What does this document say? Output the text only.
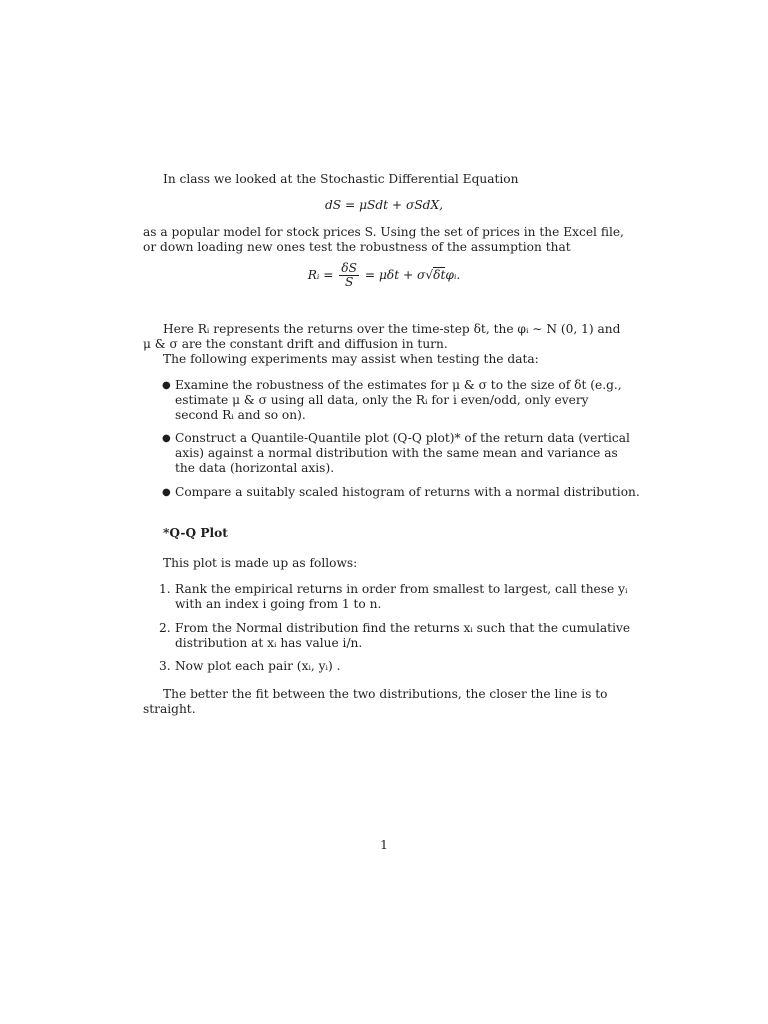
In class we looked at the Stochastic Differential Equation
dS = μSdt + σSdX,
as a popular model for stock prices S. Using the set of prices in the Excel file,
or down loading new ones test the robustness of the assumption that
Rᵢ = $\frac{\delta S}{S} = \mu\delta t$ + σ√δtφᵢ.
Here Rᵢ represents the returns over the time-step δt, the φᵢ ∼ N (0, 1) and
μ & σ are the constant drift and diffusion in turn.
The following experiments may assist when testing the data:
● Examine the robustness of the estimates for μ & σ to the size of δt (e.g.,
estimate μ & σ using all data, only the Rᵢ for i even/odd, only every
second Rᵢ and so on).
● Construct a Quantile-Quantile plot (Q-Q plot)* of the return data (vertical
axis) against a normal distribution with the same mean and variance as
the data (horizontal axis).
● Compare a suitably scaled histogram of returns with a normal distribution.
*Q-Q Plot
This plot is made up as follows:
1. Rank the empirical returns in order from smallest to largest, call these yᵢ
with an index i going from 1 to n.
2. From the Normal distribution find the returns xᵢ such that the cumulative
distribution at xᵢ has value i/n.
3. Now plot each pair (xᵢ, yᵢ) .
The better the fit between the two distributions, the closer the line is to
straight.
1
